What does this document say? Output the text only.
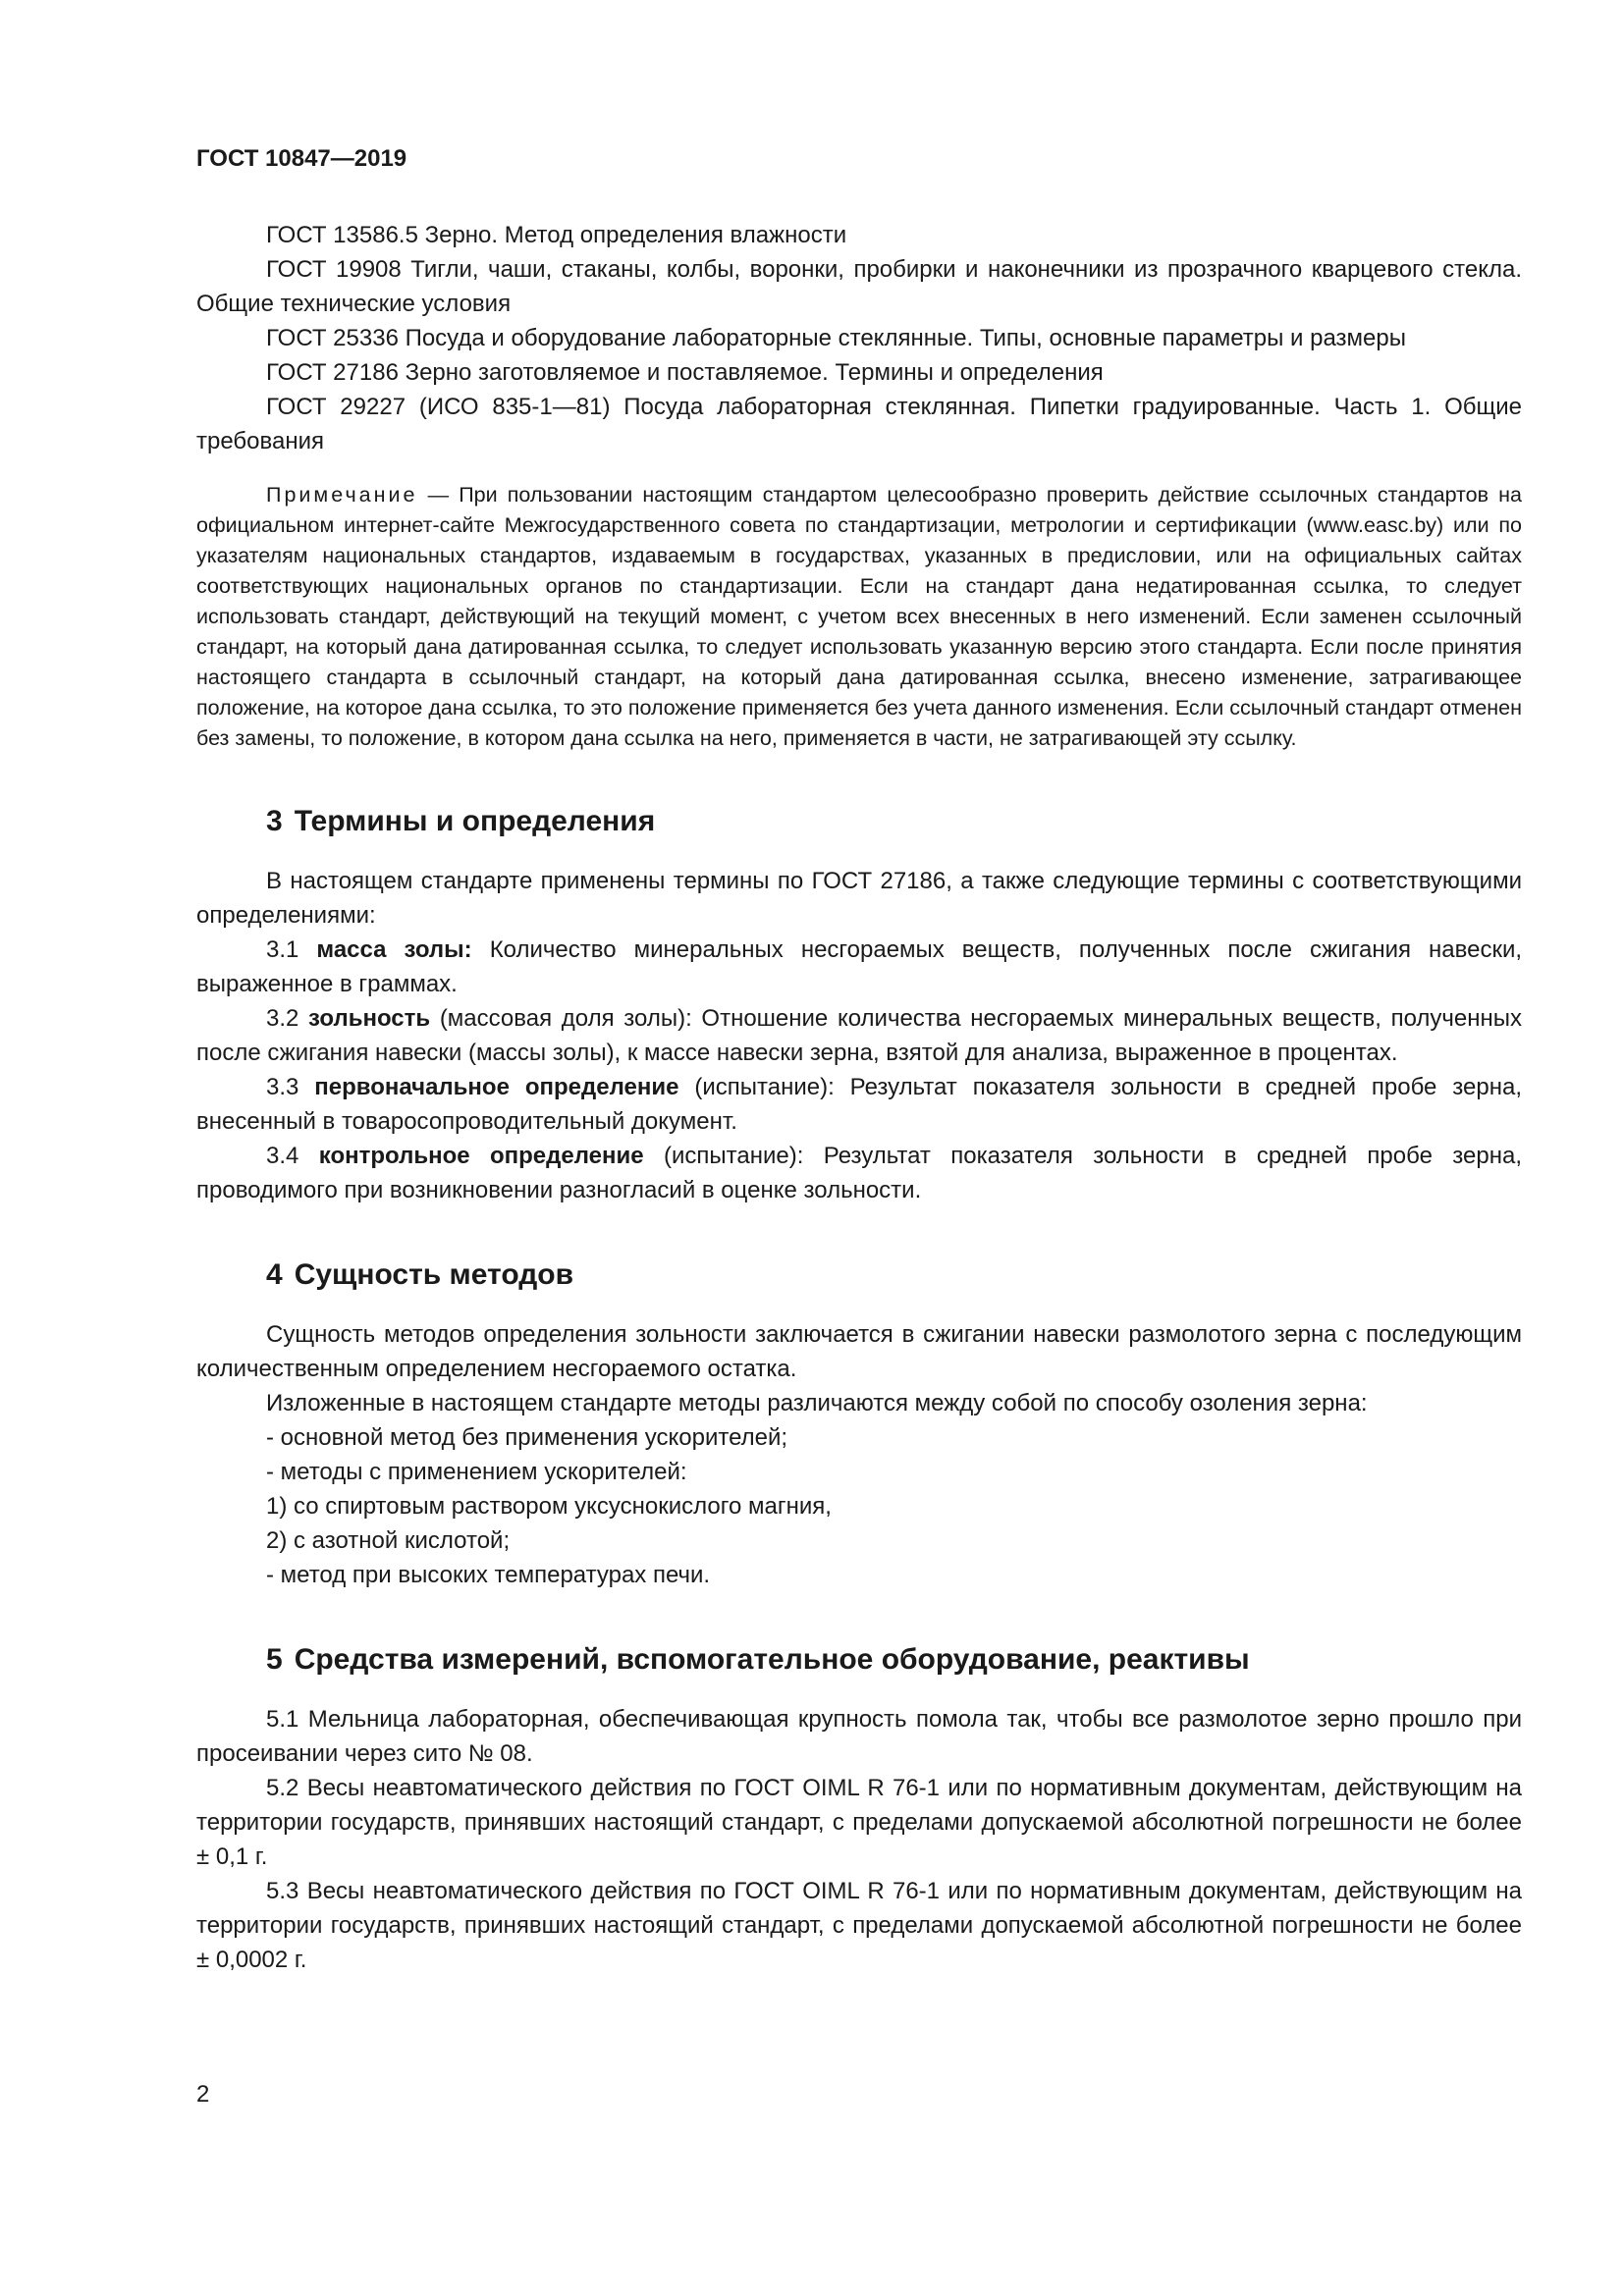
ГОСТ 10847—2019

ГОСТ 13586.5 Зерно. Метод определения влажности

ГОСТ 19908 Тигли, чаши, стаканы, колбы, воронки, пробирки и наконечники из прозрачного кварцевого стекла. Общие технические условия

ГОСТ 25336 Посуда и оборудование лабораторные стеклянные. Типы, основные параметры и размеры

ГОСТ 27186 Зерно заготовляемое и поставляемое. Термины и определения

ГОСТ 29227 (ИСО 835-1—81) Посуда лабораторная стеклянная. Пипетки градуированные. Часть 1. Общие требования

Примечание — При пользовании настоящим стандартом целесообразно проверить действие ссылочных стандартов на официальном интернет-сайте Межгосударственного совета по стандартизации, метрологии и сертификации (www.easc.by) или по указателям национальных стандартов, издаваемым в государствах, указанных в предисловии, или на официальных сайтах соответствующих национальных органов по стандартизации. Если на стандарт дана недатированная ссылка, то следует использовать стандарт, действующий на текущий момент, с учетом всех внесенных в него изменений. Если заменен ссылочный стандарт, на который дана датированная ссылка, то следует использовать указанную версию этого стандарта. Если после принятия настоящего стандарта в ссылочный стандарт, на который дана датированная ссылка, внесено изменение, затрагивающее положение, на которое дана ссылка, то это положение применяется без учета данного изменения. Если ссылочный стандарт отменен без замены, то положение, в котором дана ссылка на него, применяется в части, не затрагивающей эту ссылку.

3 Термины и определения

В настоящем стандарте применены термины по ГОСТ 27186, а также следующие термины с соответствующими определениями:

3.1 масса золы: Количество минеральных несгораемых веществ, полученных после сжигания навески, выраженное в граммах.

3.2 зольность (массовая доля золы): Отношение количества несгораемых минеральных веществ, полученных после сжигания навески (массы золы), к массе навески зерна, взятой для анализа, выраженное в процентах.

3.3 первоначальное определение (испытание): Результат показателя зольности в средней пробе зерна, внесенный в товаросопроводительный документ.

3.4 контрольное определение (испытание): Результат показателя зольности в средней пробе зерна, проводимого при возникновении разногласий в оценке зольности.

4 Сущность методов

Сущность методов определения зольности заключается в сжигании навески размолотого зерна с последующим количественным определением несгораемого остатка.

Изложенные в настоящем стандарте методы различаются между собой по способу озоления зерна:

- основной метод без применения ускорителей;

- методы с применением ускорителей:

1) со спиртовым раствором уксуснокислого магния,

2) с азотной кислотой;

- метод при высоких температурах печи.

5 Средства измерений, вспомогательное оборудование, реактивы

5.1 Мельница лабораторная, обеспечивающая крупность помола так, чтобы все размолотое зерно прошло при просеивании через сито № 08.

5.2 Весы неавтоматического действия по ГОСТ OIML R 76-1 или по нормативным документам, действующим на территории государств, принявших настоящий стандарт, с пределами допускаемой абсолютной погрешности не более ± 0,1 г.

5.3 Весы неавтоматического действия по ГОСТ OIML R 76-1 или по нормативным документам, действующим на территории государств, принявших настоящий стандарт, с пределами допускаемой абсолютной погрешности не более ± 0,0002 г.

2
